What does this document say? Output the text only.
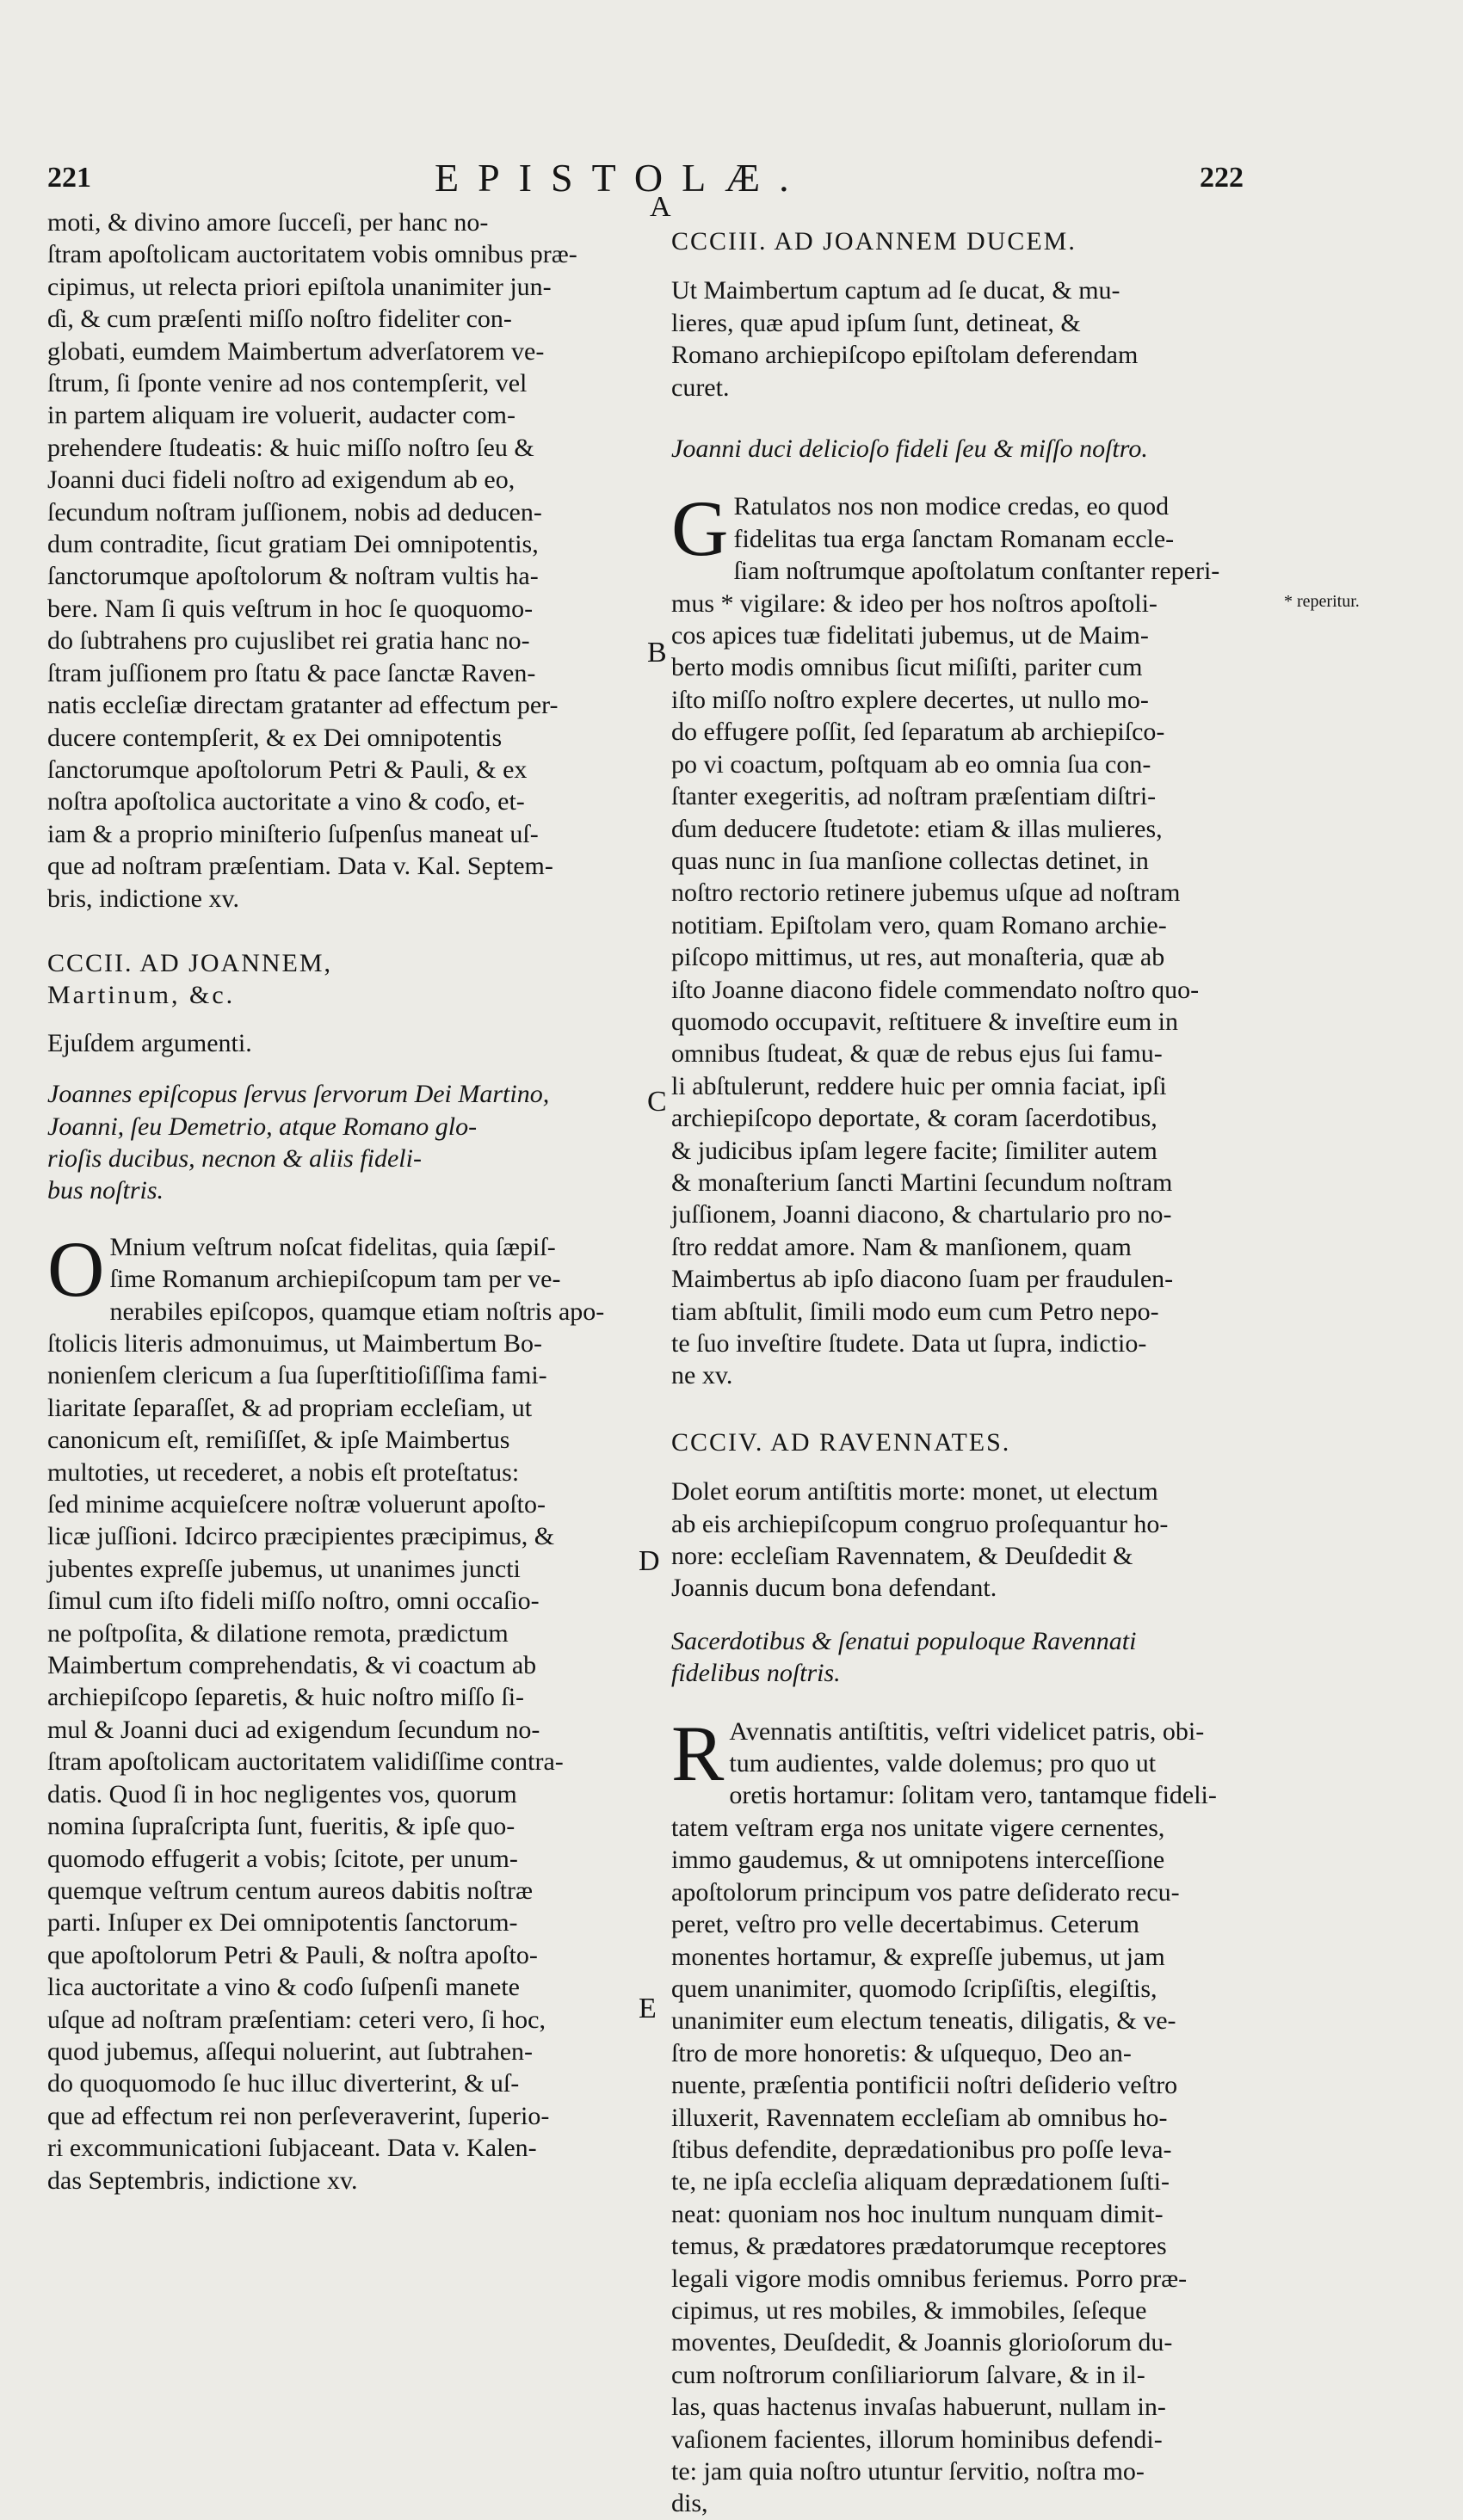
221	EPISTOLÆ.	222
A
B
C
D
E
* reperitur.

moti, & divino amore ſucceſi, per hanc no-
ſtram apoſtolicam auctoritatem vobis omnibus præ-
cipimus, ut relecta priori epiſtola unanimiter jun-
ɗi, & cum præſenti miſſo noſtro fideliter con-
globati, eumdem Maimbertum adverſatorem ve-
ſtrum, ſi ſponte venire ad nos contempſerit, vel
in partem aliquam ire voluerit, audacter com-
prehendere ſtudeatis: & huic miſſo noſtro ſeu &
Joanni duci fideli noſtro ad exigendum ab eo,
ſecundum noſtram juſſionem, nobis ad deducen-
dum contradite, ſicut gratiam Dei omnipotentis,
ſanctorumque apoſtolorum & noſtram vultis ha-
bere. Nam ſi quis veſtrum in hoc ſe quoquomo-
do ſubtrahens pro cujuslibet rei gratia hanc no-
ſtram juſſionem pro ſtatu & pace ſanctæ Raven-
natis eccleſiæ directam gratanter ad effectum per-
ducere contempſerit, & ex Dei omnipotentis
ſanctorumque apoſtolorum Petri & Pauli, & ex
noſtra apoſtolica auctoritate a vino & coɗo, et-
iam & a proprio miniſterio ſuſpenſus maneat uſ-
que ad noſtram præſentiam. Data v. Kal. Septem-
bris, indictione xv.

CCCII. AD JOANNEM,

Martinum, &c.

Ejuſdem argumenti.

Joannes epiſcopus ſervus ſervorum Dei Martino,
Joanni, ſeu Demetrio, atque Romano glo-
rioſis ducibus, necnon & aliis fideli-
bus noſtris.

O Mnium veſtrum noſcat fidelitas, quia ſæpiſ-
ſime Romanum archiepiſcopum tam per ve-
nerabiles epiſcopos, quamque etiam noſtris apo-
ſtolicis literis admonuimus, ut Maimbertum Bo-
nonienſem clericum a ſua ſuperſtitioſiſſima fami-
liaritate ſeparaſſet, & ad propriam eccleſiam, ut
canonicum eſt, remiſiſſet, & ipſe Maimbertus
multoties, ut recederet, a nobis eſt proteſtatus:
ſed minime acquieſcere noſtræ voluerunt apoſto-
licæ juſſioni. Idcirco præcipientes præcipimus, &
jubentes expreſſe jubemus, ut unanimes juncti
ſimul cum iſto fideli miſſo noſtro, omni occaſio-
ne poſtpoſita, & dilatione remota, prædictum
Maimbertum comprehendatis, & vi coactum ab
archiepiſcopo ſeparetis, & huic noſtro miſſo ſi-
mul & Joanni duci ad exigendum ſecundum no-
ſtram apoſtolicam auctoritatem validiſſime contra-
datis. Quod ſi in hoc negligentes vos, quorum
nomina ſupraſcripta ſunt, fueritis, & ipſe quo-
quomodo effugerit a vobis; ſcitote, per unum-
quemque veſtrum centum aureos dabitis noſtræ
parti. Inſuper ex Dei omnipotentis ſanctorum-
que apoſtolorum Petri & Pauli, & noſtra apoſto-
lica auctoritate a vino & coɗo ſuſpenſi manete
uſque ad noſtram præſentiam: ceteri vero, ſi hoc,
quod jubemus, aſſequi noluerint, aut ſubtrahen-
do quoquomodo ſe huc illuc diverterint, & uſ-
que ad effectum rei non perſeveraverint, ſuperio-
ri excommunicationi ſubjaceant. Data v. Kalen-
das Septembris, indictione xv.

CCCIII. AD JOANNEM DUCEM.

Ut Maimbertum captum ad ſe ducat, & mu-
lieres, quæ apud ipſum ſunt, detineat, &
Romano archiepiſcopo epiſtolam deferendam
curet.

Joanni duci delicioſo fideli ſeu & miſſo noſtro.

G Ratulatos nos non modice credas, eo quod
fidelitas tua erga ſanctam Romanam eccle-
ſiam noſtrumque apoſtolatum conſtanter reperi-
mus * vigilare: & ideo per hos noſtros apoſtoli-
cos apices tuæ fidelitati jubemus, ut de Maim-
berto modis omnibus ſicut miſiſti, pariter cum
iſto miſſo noſtro explere decertes, ut nullo mo-
do effugere poſſit, ſed ſeparatum ab archiepiſco-
po vi coactum, poſtquam ab eo omnia ſua con-
ſtanter exegeritis, ad noſtram præſentiam diſtri-
ɗum deducere ſtudetote: etiam & illas mulieres,
quas nunc in ſua manſione collectas detinet, in
noſtro rectorio retinere jubemus uſque ad noſtram
notitiam. Epiſtolam vero, quam Romano archie-
piſcopo mittimus, ut res, aut monaſteria, quæ ab
iſto Joanne diacono fidele commendato noſtro quo-
quomodo occupavit, reſtituere & inveſtire eum in
omnibus ſtudeat, & quæ de rebus ejus ſui famu-
li abſtulerunt, reddere huic per omnia faciat, ipſi
archiepiſcopo deportate, & coram ſacerdotibus,
& judicibus ipſam legere facite; ſimiliter autem
& monaſterium ſancti Martini ſecundum noſtram
juſſionem, Joanni diacono, & chartulario pro no-
ſtro reddat amore. Nam & manſionem, quam
Maimbertus ab ipſo diacono ſuam per fraudulen-
tiam abſtulit, ſimili modo eum cum Petro nepo-
te ſuo inveſtire ſtudete. Data ut ſupra, indictio-
ne xv.

CCCIV. AD RAVENNATES.

Dolet eorum antiſtitis morte: monet, ut electum
ab eis archiepiſcopum congruo proſequantur ho-
nore: eccleſiam Ravennatem, & Deuſdedit &
Joannis ducum bona defendant.

Sacerdotibus & ſenatui populoque Ravennati
fidelibus noſtris.

R Avennatis antiſtitis, veſtri videlicet patris, obi-
tum audientes, valde dolemus; pro quo ut
oretis hortamur: ſolitam vero, tantamque fideli-
tatem veſtram erga nos unitate vigere cernentes,
immo gaudemus, & ut omnipotens interceſſione
apoſtolorum principum vos patre deſiderato recu-
peret, veſtro pro velle decertabimus. Ceterum
monentes hortamur, & expreſſe jubemus, ut jam
quem unanimiter, quomodo ſcripſiſtis, elegiſtis,
unanimiter eum electum teneatis, diligatis, & ve-
ſtro de more honoretis: & uſquequo, Deo an-
nuente, præſentia pontificii noſtri deſiderio veſtro
illuxerit, Ravennatem eccleſiam ab omnibus ho-
ſtibus defendite, deprædationibus pro poſſe leva-
te, ne ipſa eccleſia aliquam deprædationem ſuſti-
neat: quoniam nos hoc inultum nunquam dimit-
temus, & prædatores prædatorumque receptores
legali vigore modis omnibus feriemus. Porro præ-
cipimus, ut res mobiles, & immobiles, ſeſeque
moventes, Deuſdedit, & Joannis glorioſorum du-
cum noſtrorum conſiliariorum ſalvare, & in il-
las, quas hactenus invaſas habuerunt, nullam in-
vaſionem facientes, illorum hominibus defendi-
te: jam quia noſtro utuntur ſervitio, noſtra mo-
dis,
